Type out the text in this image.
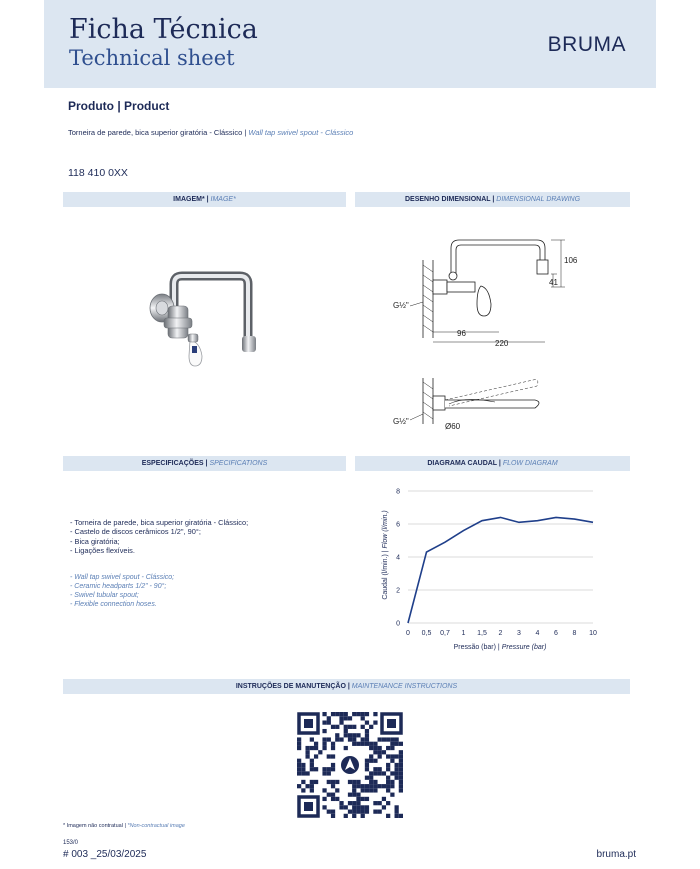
Ficha Técnica
Technical sheet
BRUMA
Produto | Product
Torneira de parede, bica superior giratória - Clássico | Wall tap swivel spout - Clássico
118 410 0XX
IMAGEM* | IMAGE*	DESENHO DIMENSIONAL | DIMENSIONAL DRAWING
ESPECIFICAÇÕES | SPECIFICATIONS	DIAGRAMA CAUDAL | FLOW DIAGRAM
INSTRUÇÕES DE MANUTENÇÃO | MAINTENANCE INSTRUCTIONS
106
41
96
220
G½"
G½"
Ø60
- Torneira de parede, bica superior giratória - Clássico;
- Castelo de discos cerâmicos 1/2", 90°;
- Bica giratória;
- Ligações flexíveis.
- Wall tap swivel spout - Clássico;
- Ceramic headparts 1/2" - 90°;
- Swivel tubular spout;
- Flexible connection hoses.
0
2
4
6
8
0 0,5 0,7 1 1,5 2 3 4 6 8 10
Caudal (l/min.) | Flow (l/min.)
Pressão (bar) | Pressure (bar)
* Imagem não contratual | *Non-contractual image
153/0
# 003 _25/03/2025	bruma.pt
